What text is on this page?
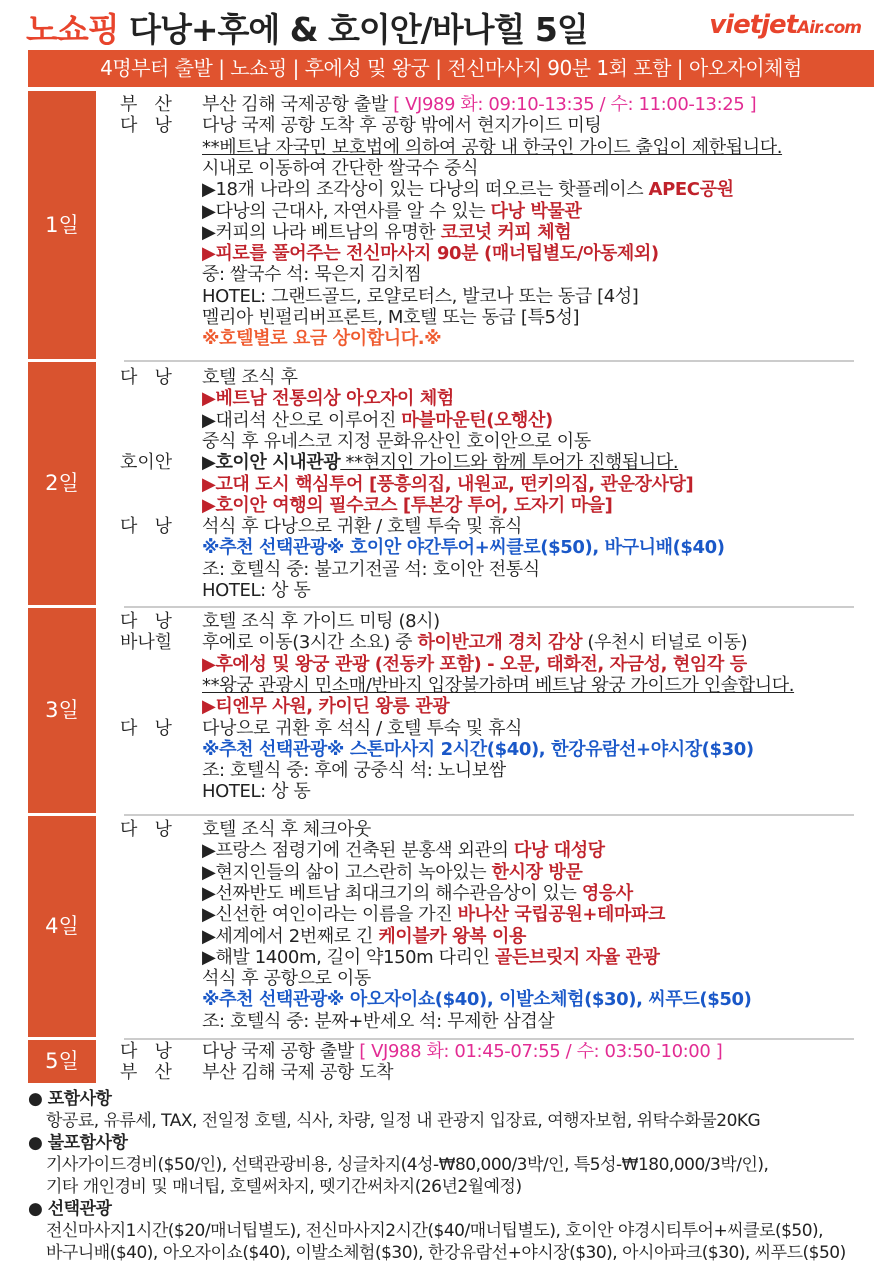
노쇼핑 다낭+후에 & 호이안/바나힐 5일	vietjetAir.com
4명부터 출발 | 노쇼핑 | 후에성 및 왕궁 | 전신마사지 90분 1회 포함 | 아오자이체험
1일
부   산
다   낭
부산 김해 국제공항 출발 [ VJ989 화: 09:10-13:35 / 수: 11:00-13:25 ]
다낭 국제 공항 도착 후 공항 밖에서 현지가이드 미팅
**베트남 자국민 보호법에 의하여 공항 내 한국인 가이드 출입이 제한됩니다.
시내로 이동하여 간단한 쌀국수 중식
▶18개 나라의 조각상이 있는 다낭의 떠오르는 핫플레이스 APEC공원
▶다낭의 근대사, 자연사를 알 수 있는 다낭 박물관
▶커피의 나라 베트남의 유명한 코코넛 커피 체험
▶피로를 풀어주는 전신마사지 90분 (매너팁별도/아동제외)
중: 쌀국수 석: 묵은지 김치찜
HOTEL: 그랜드골드, 로얄로터스, 발코나 또는 동급 [4성]
멜리아 빈펄리버프론트, M호텔 또는 동급 [특5성]
※호텔별로 요금 상이합니다.※
2일
다   낭
호이안
다   낭
호텔 조식 후
▶베트남 전통의상 아오자이 체험
▶대리석 산으로 이루어진 마블마운틴(오행산)
중식 후 유네스코 지정 문화유산인 호이안으로 이동
▶호이안 시내관광 **현지인 가이드와 함께 투어가 진행됩니다.
▶고대 도시 핵심투어 [풍흥의집, 내원교, 떤키의집, 관운장사당]
▶호이안 여행의 필수코스 [투본강 투어, 도자기 마을]
석식 후 다낭으로 귀환 / 호텔 투숙 및 휴식
※추천 선택관광※ 호이안 야간투어+씨클로($50), 바구니배($40)
조: 호텔식 중: 불고기전골 석: 호이안 전통식
HOTEL: 상 동
3일
다   낭
바나힐
다   낭
호텔 조식 후 가이드 미팅 (8시)
후에로 이동(3시간 소요) 중 하이반고개 경치 감상 (우천시 터널로 이동)
▶후에성 및 왕궁 관광 (전동카 포함) - 오문, 태화전, 자금성, 현임각 등
**왕궁 관광시 민소매/반바지 입장불가하며 베트남 왕궁 가이드가 인솔합니다.
▶티엔무 사원, 카이딘 왕릉 관광
다낭으로 귀환 후 석식 / 호텔 투숙 및 휴식
※추천 선택관광※ 스톤마사지 2시간($40), 한강유람선+야시장($30)
조: 호텔식 중: 후에 궁중식 석: 노니보쌈
HOTEL: 상 동
4일
다   낭 호텔 조식 후 체크아웃
▶프랑스 점령기에 건축된 분홍색 외관의 다낭 대성당
▶현지인들의 삶이 고스란히 녹아있는 한시장 방문
▶선짜반도 베트남 최대크기의 해수관음상이 있는 영응사
▶신선한 여인이라는 이름을 가진 바나산 국립공원+테마파크
▶세계에서 2번째로 긴 케이블카 왕복 이용
▶해발 1400m, 길이 약150m 다리인 골든브릿지 자율 관광
석식 후 공항으로 이동
※추천 선택관광※ 아오자이쇼($40), 이발소체험($30), 씨푸드($50)
조: 호텔식 중: 분짜+반세오 석: 무제한 삼겹살
5일	다   낭
부   산
다낭 국제 공항 출발 [ VJ988 화: 01:45-07:55 / 수: 03:50-10:00 ]
부산 김해 국제 공항 도착
● 포함사항
항공료, 유류세, TAX, 전일정 호텔, 식사, 차량, 일정 내 관광지 입장료, 여행자보험, 위탁수화물20KG
● 불포함사항
기사가이드경비($50/인), 선택관광비용, 싱글차지(4성-₩80,000/3박/인, 특5성-₩180,000/3박/인),
기타 개인경비 및 매너팁, 호텔써차지, 뗏기간써차지(26년2월예정)
● 선택관광
전신마사지1시간($20/매너팁별도), 전신마사지2시간($40/매너팁별도), 호이안 야경시티투어+씨클로($50),
바구니배($40), 아오자이쇼($40), 이발소체험($30), 한강유람선+야시장($30), 아시아파크($30), 씨푸드($50)
